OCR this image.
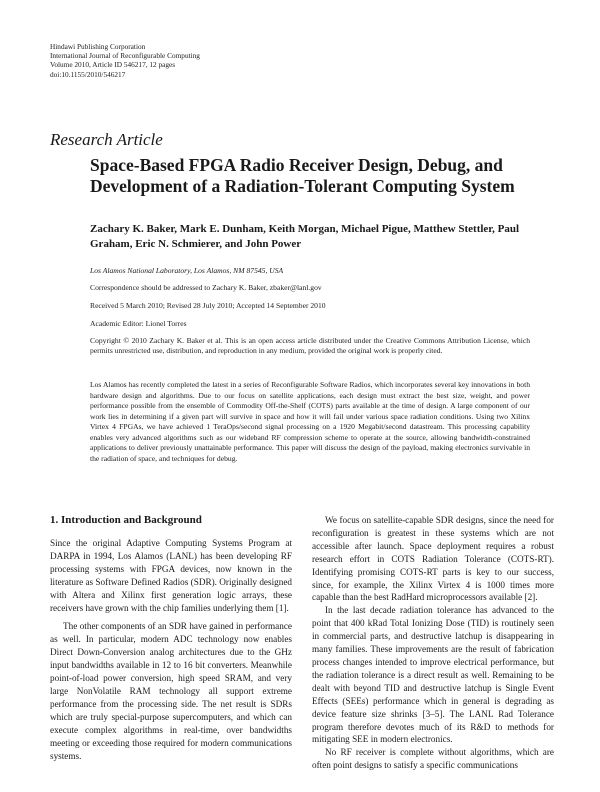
Hindawi Publishing Corporation
International Journal of Reconfigurable Computing
Volume 2010, Article ID 546217, 12 pages
doi:10.1155/2010/546217
Research Article
Space-Based FPGA Radio Receiver Design, Debug, and Development of a Radiation-Tolerant Computing System
Zachary K. Baker, Mark E. Dunham, Keith Morgan, Michael Pigue, Matthew Stettler, Paul Graham, Eric N. Schmierer, and John Power
Los Alamos National Laboratory, Los Alamos, NM 87545, USA
Correspondence should be addressed to Zachary K. Baker, zbaker@lanl.gov
Received 5 March 2010; Revised 28 July 2010; Accepted 14 September 2010
Academic Editor: Lionel Torres
Copyright © 2010 Zachary K. Baker et al. This is an open access article distributed under the Creative Commons Attribution License, which permits unrestricted use, distribution, and reproduction in any medium, provided the original work is properly cited.
Los Alamos has recently completed the latest in a series of Reconfigurable Software Radios, which incorporates several key innovations in both hardware design and algorithms. Due to our focus on satellite applications, each design must extract the best size, weight, and power performance possible from the ensemble of Commodity Off-the-Shelf (COTS) parts available at the time of design. A large component of our work lies in determining if a given part will survive in space and how it will fail under various space radiation conditions. Using two Xilinx Virtex 4 FPGAs, we have achieved 1 TeraOps/second signal processing on a 1920 Megabit/second datastream. This processing capability enables very advanced algorithms such as our wideband RF compression scheme to operate at the source, allowing bandwidth-constrained applications to deliver previously unattainable performance. This paper will discuss the design of the payload, making electronics survivable in the radiation of space, and techniques for debug.
1. Introduction and Background

Since the original Adaptive Computing Systems Program at DARPA in 1994, Los Alamos (LANL) has been developing RF processing systems with FPGA devices, now known in the literature as Software Defined Radios (SDR). Originally designed with Altera and Xilinx first generation logic arrays, these receivers have grown with the chip families underlying them [1].

The other components of an SDR have gained in performance as well. In particular, modern ADC technology now enables Direct Down-Conversion analog architectures due to the GHz input bandwidths available in 12 to 16 bit converters. Meanwhile point-of-load power conversion, high speed SRAM, and very large NonVolatile RAM technology all support extreme performance from the processing side. The net result is SDRs which are truly special-purpose supercomputers, and which can execute complex algorithms in real-time, over bandwidths meeting or exceeding those required for modern communications systems.

We focus on satellite-capable SDR designs, since the need for reconfiguration is greatest in these systems which are not accessible after launch. Space deployment requires a robust research effort in COTS Radiation Tolerance (COTS-RT). Identifying promising COTS-RT parts is key to our success, since, for example, the Xilinx Virtex 4 is 1000 times more capable than the best RadHard microprocessors available [2].

In the last decade radiation tolerance has advanced to the point that 400 kRad Total Ionizing Dose (TID) is routinely seen in commercial parts, and destructive latchup is disappearing in many families. These improvements are the result of fabrication process changes intended to improve electrical performance, but the radiation tolerance is a direct result as well. Remaining to be dealt with beyond TID and destructive latchup is Single Event Effects (SEEs) performance which in general is degrading as device feature size shrinks [3–5]. The LANL Rad Tolerance program therefore devotes much of its R&D to methods for mitigating SEE in modern electronics.

No RF receiver is complete without algorithms, which are often point designs to satisfy a specific communications
